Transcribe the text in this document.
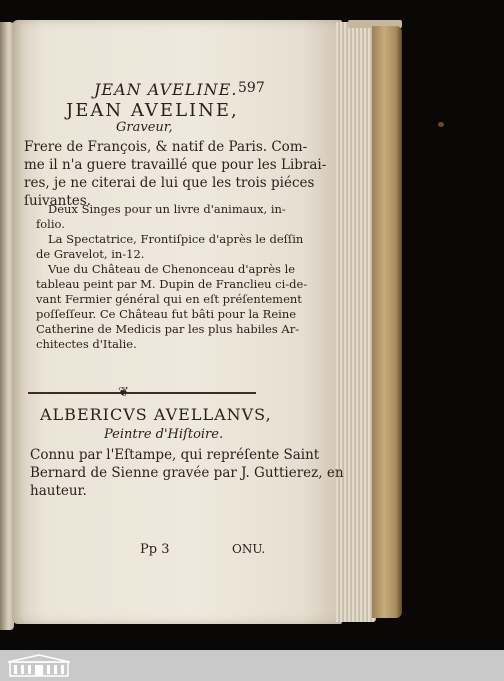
JEAN AVELINE. 597
JEAN AVELINE,
Graveur,
Frere de François, & natif de Paris. Com-
me il n'a guere travaillé que pour les Librai-
res, je ne citerai de lui que les trois piéces
ſuivantes.
Deux Singes pour un livre d'animaux, in-
folio.
La Spectatrice, Frontiſpice d'après le deſſin
de Gravelot, in-12.
Vue du Château de Chenonceau d'après le
tableau peint par M. Dupin de Franclieu ci-de-
vant Fermier général qui en eſt préſentement
poſſeſſeur. Ce Château fut bâti pour la Reine
Catherine de Medicis par les plus habiles Ar-
chitectes d'Italie.
❦
ALBERICVS AVELLANVS,
Peintre d'Hiſtoire.
Connu par l'Eſtampe, qui repréſente Saint
Bernard de Sienne gravée par J. Guttierez, en
hauteur.
Pp 3	ONU.
